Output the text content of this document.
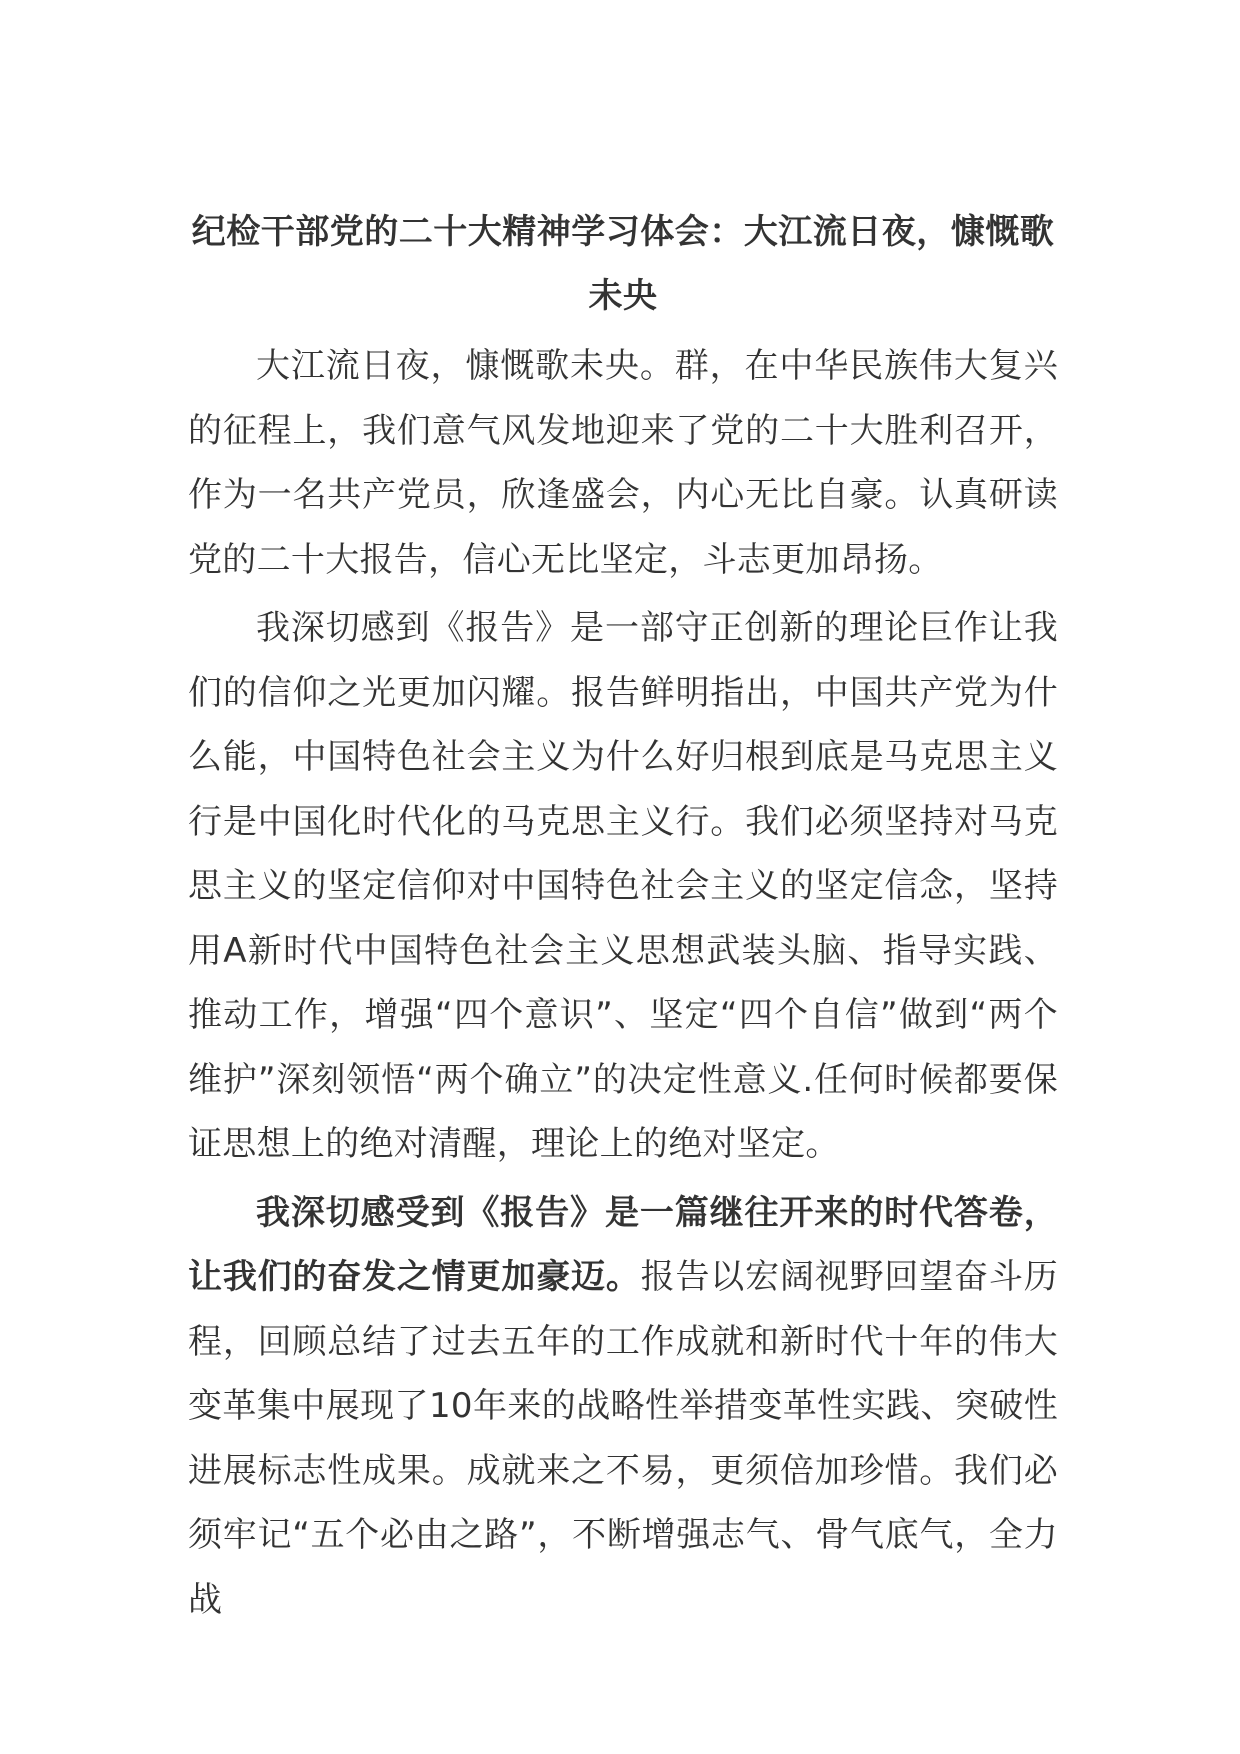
纪检干部党的二十大精神学习体会：大江流日夜，慷慨歌
未央

大江流日夜，慷慨歌未央。群，在中华民族伟大复兴的征程上，我们意气风发地迎来了党的二十大胜利召开，作为一名共产党员，欣逢盛会，内心无比自豪。认真研读党的二十大报告，信心无比坚定，斗志更加昂扬。

我深切感到《报告》是一部守正创新的理论巨作让我们的信仰之光更加闪耀。报告鲜明指出，中国共产党为什么能，中国特色社会主义为什么好归根到底是马克思主义行是中国化时代化的马克思主义行。我们必须坚持对马克思主义的坚定信仰对中国特色社会主义的坚定信念，坚持用A新时代中国特色社会主义思想武装头脑、指导实践、推动工作，增强“四个意识”、坚定“四个自信”做到“两个维护”深刻领悟“两个确立”的决定性意义.任何时候都要保证思想上的绝对清醒，理论上的绝对坚定。

我深切感受到《报告》是一篇继往开来的时代答卷，让我们的奋发之情更加豪迈。报告以宏阔视野回望奋斗历程，回顾总结了过去五年的工作成就和新时代十年的伟大变革集中展现了10年来的战略性举措变革性实践、突破性进展标志性成果。成就来之不易，更须倍加珍惜。我们必须牢记“五个必由之路”，不断增强志气、骨气底气，全力战
